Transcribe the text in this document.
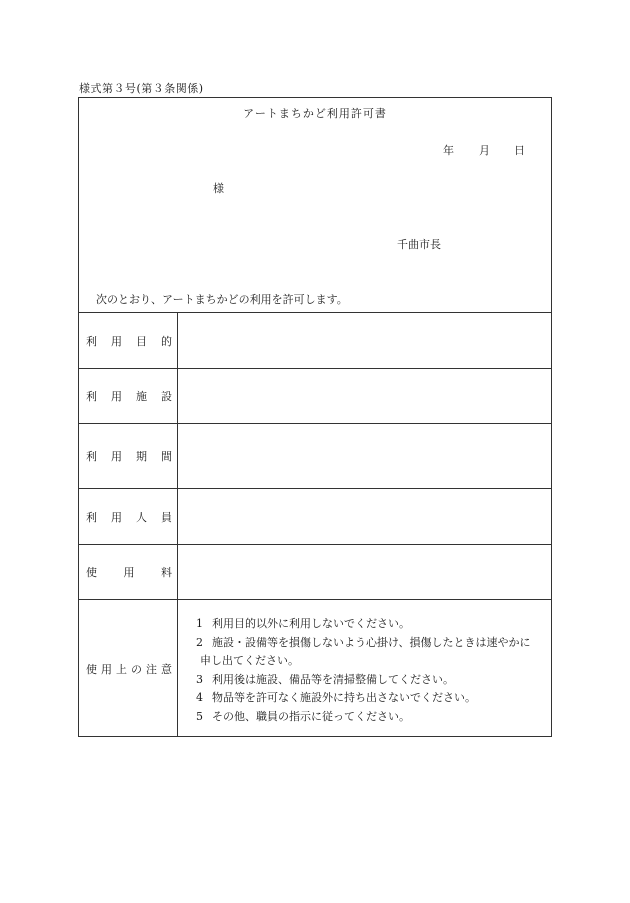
様式第３号(第３条関係)
アートまちかど利用許可書
年 月 日
様
千曲市長
次のとおり、アートまちかどの利用を許可します。
利 用 目 的
利 用 施 設
利 用 期 間
利 用 人 員
使 用 料
使 用 上 の 注 意
1 利用目的以外に利用しないでください。
2 施設・設備等を損傷しないよう心掛け、損傷したときは速やかに
申し出てください。
3 利用後は施設、備品等を清掃整備してください。
4 物品等を許可なく施設外に持ち出さないでください。
5 その他、職員の指示に従ってください。
